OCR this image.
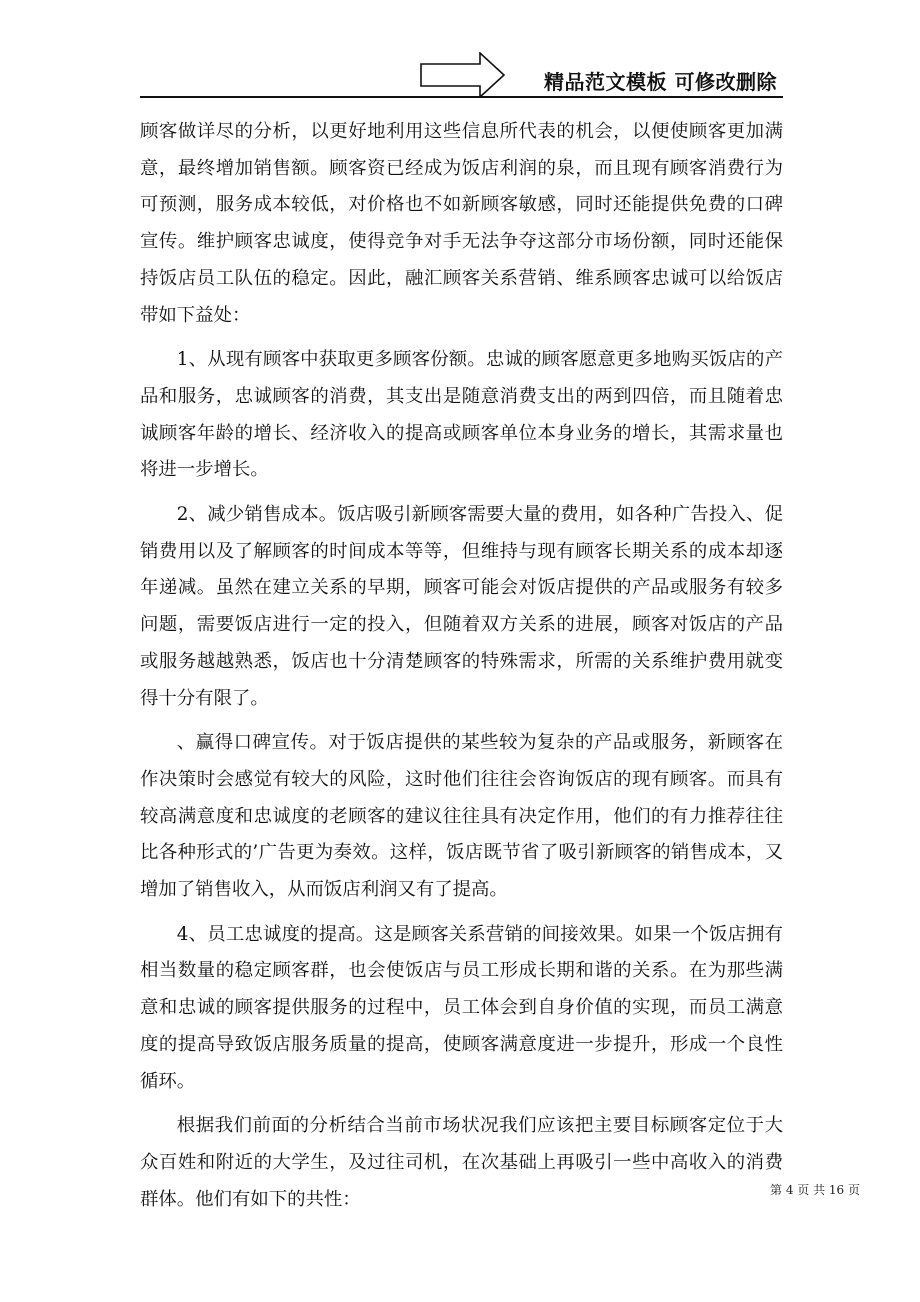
精品范文模板 可修改删除

顾客做详尽的分析，以更好地利用这些信息所代表的机会，以便使顾客更加满意，最终增加销售额。顾客资已经成为饭店利润的泉，而且现有顾客消费行为可预测，服务成本较低，对价格也不如新顾客敏感，同时还能提供免费的口碑宣传。维护顾客忠诚度，使得竞争对手无法争夺这部分市场份额，同时还能保持饭店员工队伍的稳定。因此，融汇顾客关系营销、维系顾客忠诚可以给饭店带如下益处：

1、从现有顾客中获取更多顾客份额。忠诚的顾客愿意更多地购买饭店的产品和服务，忠诚顾客的消费，其支出是随意消费支出的两到四倍，而且随着忠诚顾客年龄的增长、经济收入的提高或顾客单位本身业务的增长，其需求量也将进一步增长。

2、减少销售成本。饭店吸引新顾客需要大量的费用，如各种广告投入、促销费用以及了解顾客的时间成本等等，但维持与现有顾客长期关系的成本却逐年递减。虽然在建立关系的早期，顾客可能会对饭店提供的产品或服务有较多问题，需要饭店进行一定的投入，但随着双方关系的进展，顾客对饭店的产品或服务越越熟悉，饭店也十分清楚顾客的特殊需求，所需的关系维护费用就变得十分有限了。

、赢得口碑宣传。对于饭店提供的某些较为复杂的产品或服务，新顾客在作决策时会感觉有较大的风险，这时他们往往会咨询饭店的现有顾客。而具有较高满意度和忠诚度的老顾客的建议往往具有决定作用，他们的有力推荐往往比各种形式的’广告更为奏效。这样，饭店既节省了吸引新顾客的销售成本，又增加了销售收入，从而饭店利润又有了提高。

4、员工忠诚度的提高。这是顾客关系营销的间接效果。如果一个饭店拥有相当数量的稳定顾客群，也会使饭店与员工形成长期和谐的关系。在为那些满意和忠诚的顾客提供服务的过程中，员工体会到自身价值的实现，而员工满意度的提高导致饭店服务质量的提高，使顾客满意度进一步提升，形成一个良性循环。

根据我们前面的分析结合当前市场状况我们应该把主要目标顾客定位于大众百姓和附近的大学生，及过往司机，在次基础上再吸引一些中高收入的消费群体。他们有如下的共性：	第 4 页 共 16 页
